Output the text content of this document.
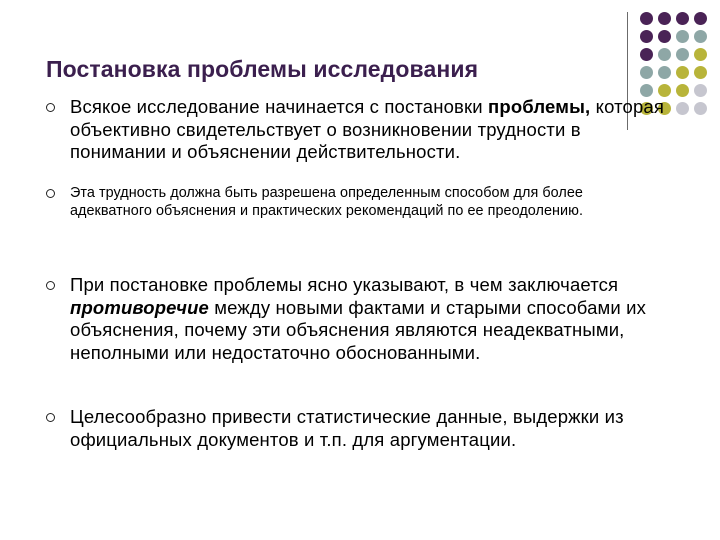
Постановка проблемы исследования
Всякое исследование начинается с постановки проблемы, которая объективно свидетельствует о возникновении трудности в понимании и объяснении действительности.
Эта трудность должна быть разрешена определенным способом для более адекватного объяснения и практических рекомендаций по ее преодолению.
При постановке проблемы ясно указывают, в чем заключается противоречие между новыми фактами и старыми способами их объяснения, почему эти объяснения являются неадекватными, неполными или недостаточно обоснованными.
Целесообразно привести статистические данные, выдержки из официальных документов и т.п. для аргументации.
